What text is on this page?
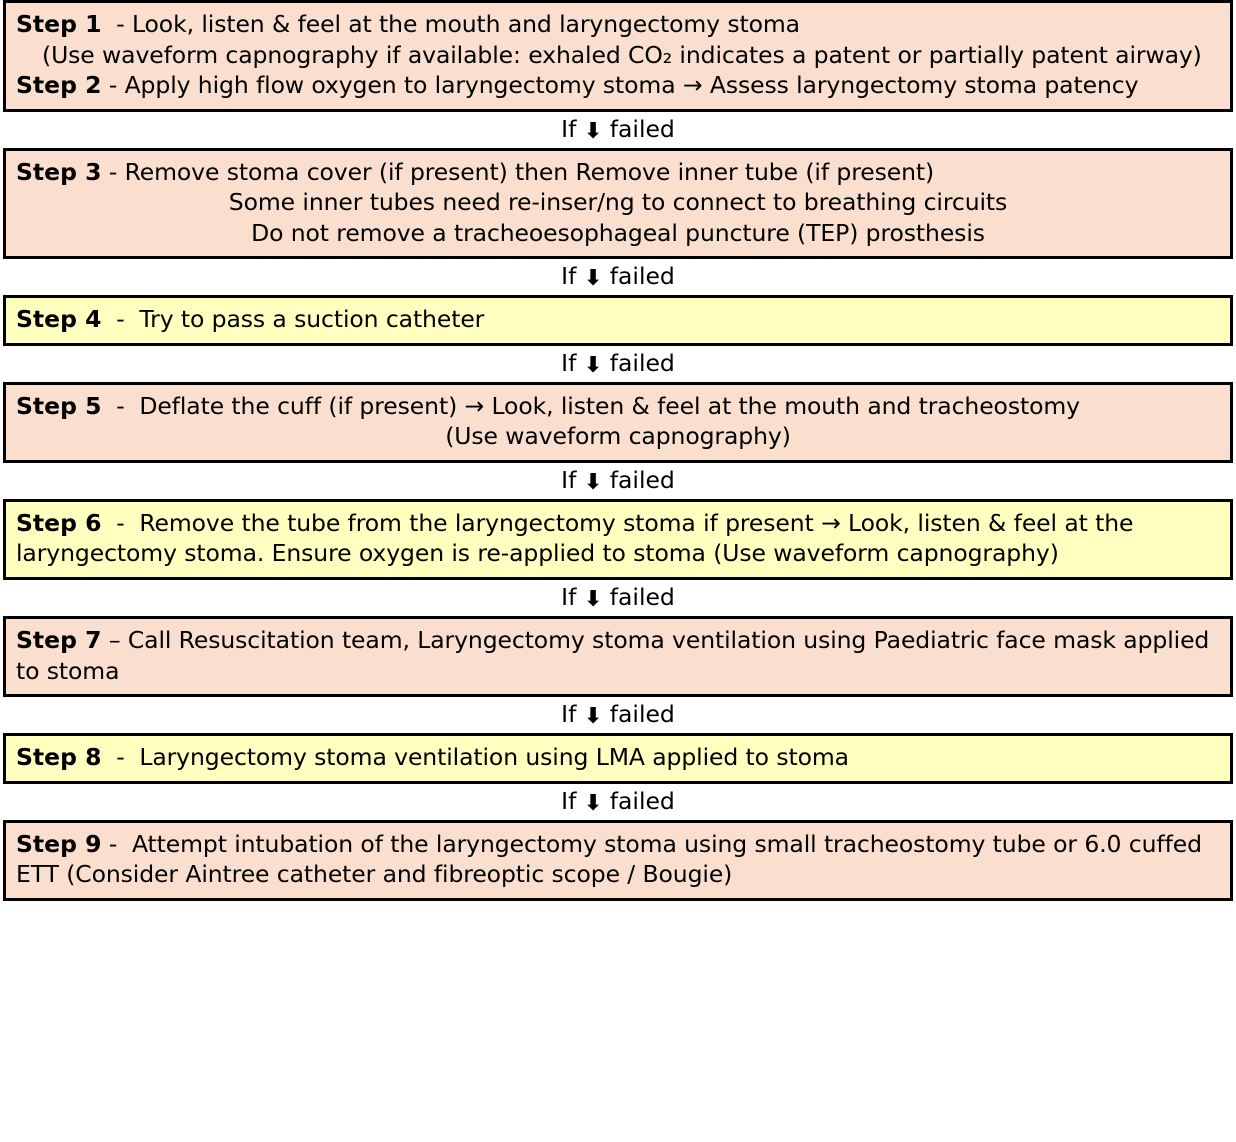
Step 1  - Look, listen & feel at the mouth and laryngectomy stoma
(Use waveform capnography if available: exhaled CO₂ indicates a patent or partially patent airway)
Step 2 - Apply high flow oxygen to laryngectomy stoma → Assess laryngectomy stoma patency
If ⬇ failed
Step 3 - Remove stoma cover (if present) then Remove inner tube (if present)
Some inner tubes need re-inser/ng to connect to breathing circuits
Do not remove a tracheoesophageal puncture (TEP) prosthesis
If ⬇ failed
Step 4  -  Try to pass a suction catheter
If ⬇ failed
Step 5  -  Deflate the cuff (if present) → Look, listen & feel at the mouth and tracheostomy
(Use waveform capnography)
If ⬇ failed
Step 6  -  Remove the tube from the laryngectomy stoma if present → Look, listen & feel at the laryngectomy stoma. Ensure oxygen is re-applied to stoma (Use waveform capnography)
If ⬇ failed
Step 7 – Call Resuscitation team, Laryngectomy stoma ventilation using Paediatric face mask applied to stoma
If ⬇ failed
Step 8  -  Laryngectomy stoma ventilation using LMA applied to stoma
If ⬇ failed
Step 9 -  Attempt intubation of the laryngectomy stoma using small tracheostomy tube or 6.0 cuffed ETT (Consider Aintree catheter and fibreoptic scope / Bougie)
